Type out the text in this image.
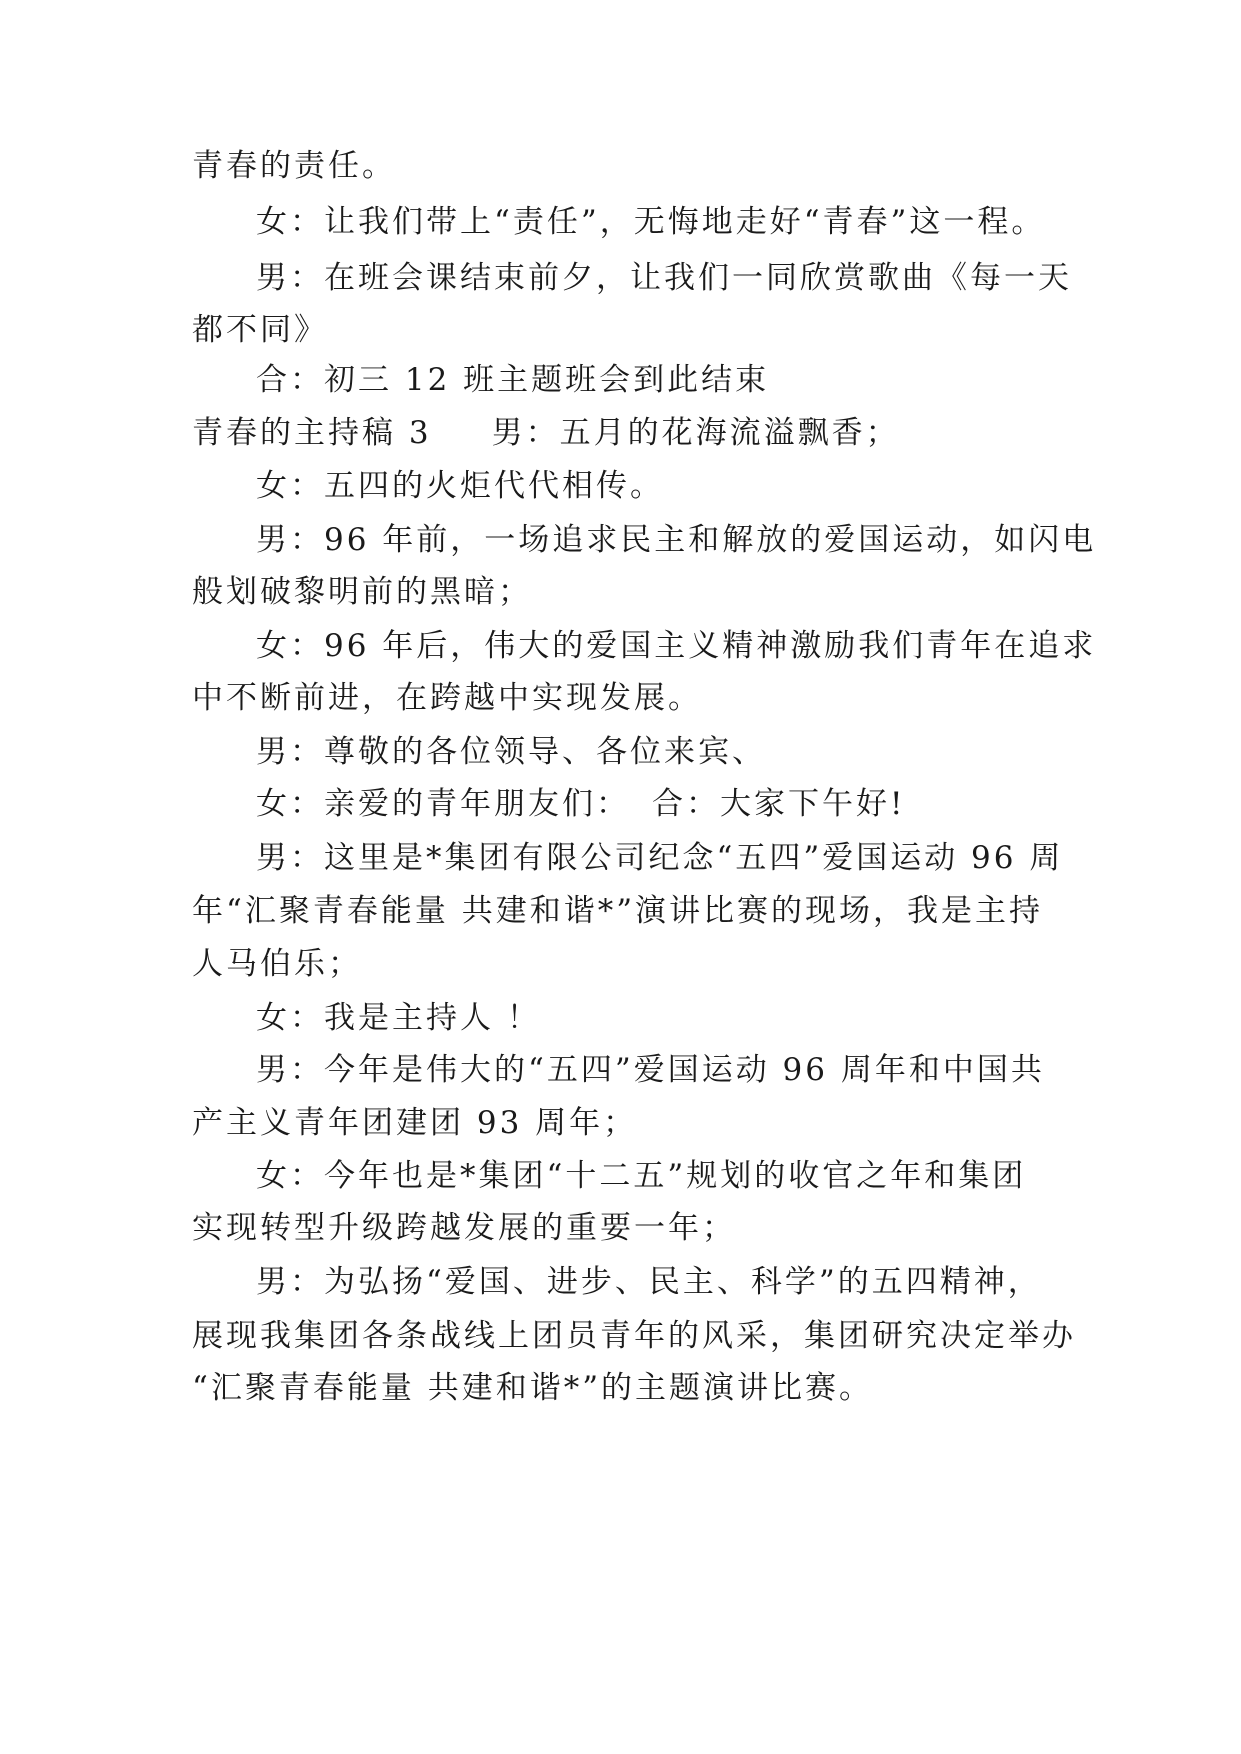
青春的责任。
女：让我们带上“责任”，无悔地走好“青春”这一程。
男：在班会课结束前夕，让我们一同欣赏歌曲《每一天
都不同》
合：初三 12 班主题班会到此结束
青春的主持稿 3 男：五月的花海流溢飘香；
女：五四的火炬代代相传。
男：96 年前，一场追求民主和解放的爱国运动，如闪电
般划破黎明前的黑暗；
女：96 年后，伟大的爱国主义精神激励我们青年在追求
中不断前进，在跨越中实现发展。
男：尊敬的各位领导、各位来宾、
女：亲爱的青年朋友们： 合：大家下午好!
男：这里是*集团有限公司纪念“五四”爱国运动 96 周
年“汇聚青春能量 共建和谐*”演讲比赛的现场，我是主持
人马伯乐；
女：我是主持人 ！
男：今年是伟大的“五四”爱国运动 96 周年和中国共
产主义青年团建团 93 周年；
女：今年也是*集团“十二五”规划的收官之年和集团
实现转型升级跨越发展的重要一年；
男：为弘扬“爱国、进步、民主、科学”的五四精神，
展现我集团各条战线上团员青年的风采，集团研究决定举办
“汇聚青春能量 共建和谐*”的主题演讲比赛。
